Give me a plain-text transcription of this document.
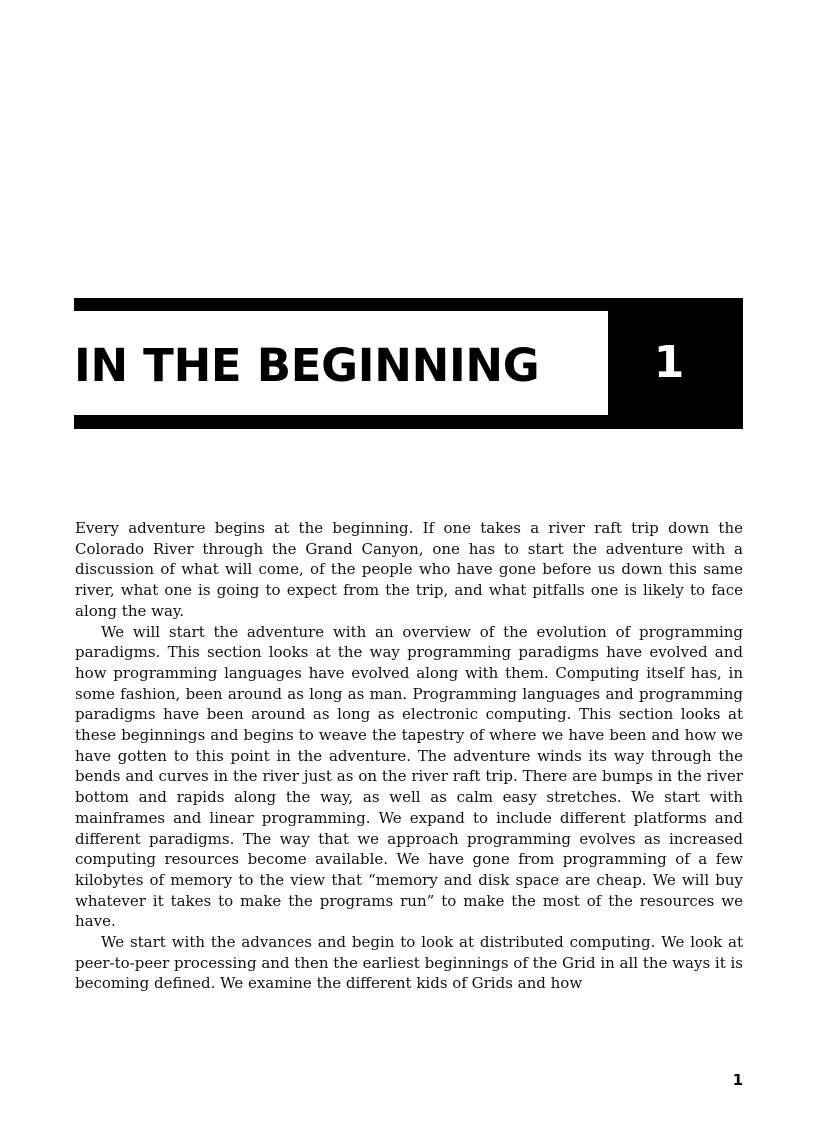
IN THE BEGINNING	1

Every adventure begins at the beginning. If one takes a river raft trip down the Colorado River through the Grand Canyon, one has to start the adventure with a discussion of what will come, of the people who have gone before us down this same river, what one is going to expect from the trip, and what pitfalls one is likely to face along the way.

We will start the adventure with an overview of the evolution of programming paradigms. This section looks at the way programming paradigms have evolved and how programming languages have evolved along with them. Computing itself has, in some fashion, been around as long as man. Programming languages and programming paradigms have been around as long as electronic computing. This section looks at these beginnings and begins to weave the tapestry of where we have been and how we have gotten to this point in the adventure. The adventure winds its way through the bends and curves in the river just as on the river raft trip. There are bumps in the river bottom and rapids along the way, as well as calm easy stretches. We start with mainframes and linear programming. We expand to include different platforms and different paradigms. The way that we approach programming evolves as increased computing resources become available. We have gone from programming of a few kilobytes of memory to the view that “memory and disk space are cheap. We will buy whatever it takes to make the programs run” to make the most of the resources we have.

We start with the advances and begin to look at distributed computing. We look at peer-to-peer processing and then the earliest beginnings of the Grid in all the ways it is becoming defined. We examine the different kids of Grids and how

1
